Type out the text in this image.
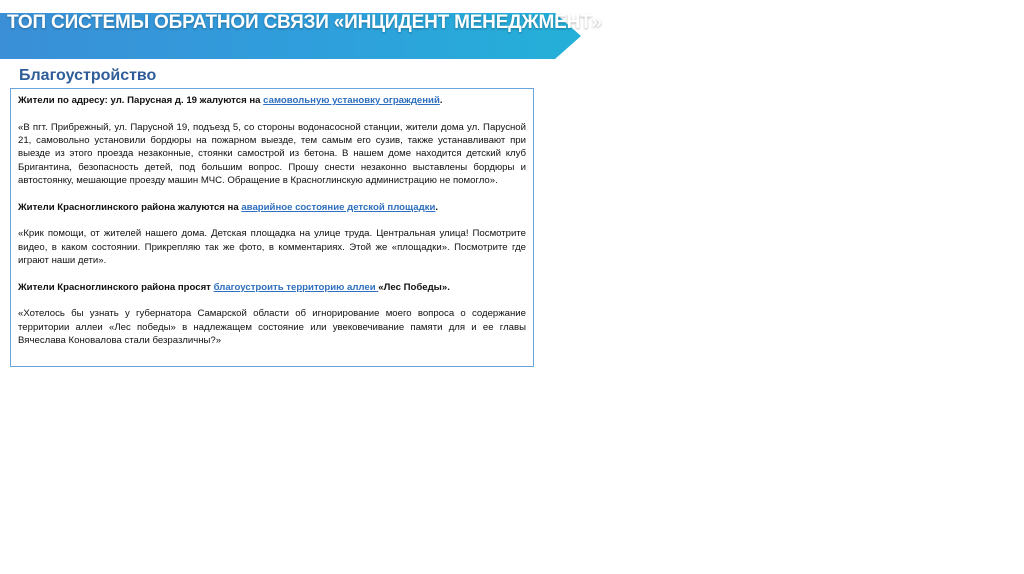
ТОП СИСТЕМЫ ОБРАТНОЙ СВЯЗИ «ИНЦИДЕНТ МЕНЕДЖМЕНТ»
Благоустройство

Жители по адресу: ул. Парусная д. 19 жалуются на самовольную установку ограждений.

«В пгт. Прибрежный, ул. Парусной 19, подъезд 5, со стороны водонасосной станции, жители дома ул. Парусной 21, самовольно установили бордюры на пожарном выезде, тем самым его сузив, также устанавливают при выезде из этого проезда незаконные, стоянки самострой из бетона. В нашем доме находится детский клуб Бригантина, безопасность детей, под большим вопрос. Прошу снести незаконно выставлены бордюры и автостоянку, мешающие проезду машин МЧС. Обращение в Красноглинскую администрацию не помогло».

Жители Красноглинского района жалуются на аварийное состояние детской площадки.

«Крик помощи, от жителей нашего дома. Детская площадка на улице труда. Центральная улица! Посмотрите видео, в каком состоянии. Прикрепляю так же фото, в комментариях. Этой же «площадки». Посмотрите где играют наши дети».

Жители Красноглинского района просят благоустроить территорию аллеи «Лес Победы».

«Хотелось бы узнать у губернатора Самарской области об игнорирование моего вопроса о содержание территории аллеи «Лес победы» в надлежащем состояние или увековечивание памяти для и ее главы Вячеслава Коновалова стали безразличны?»
